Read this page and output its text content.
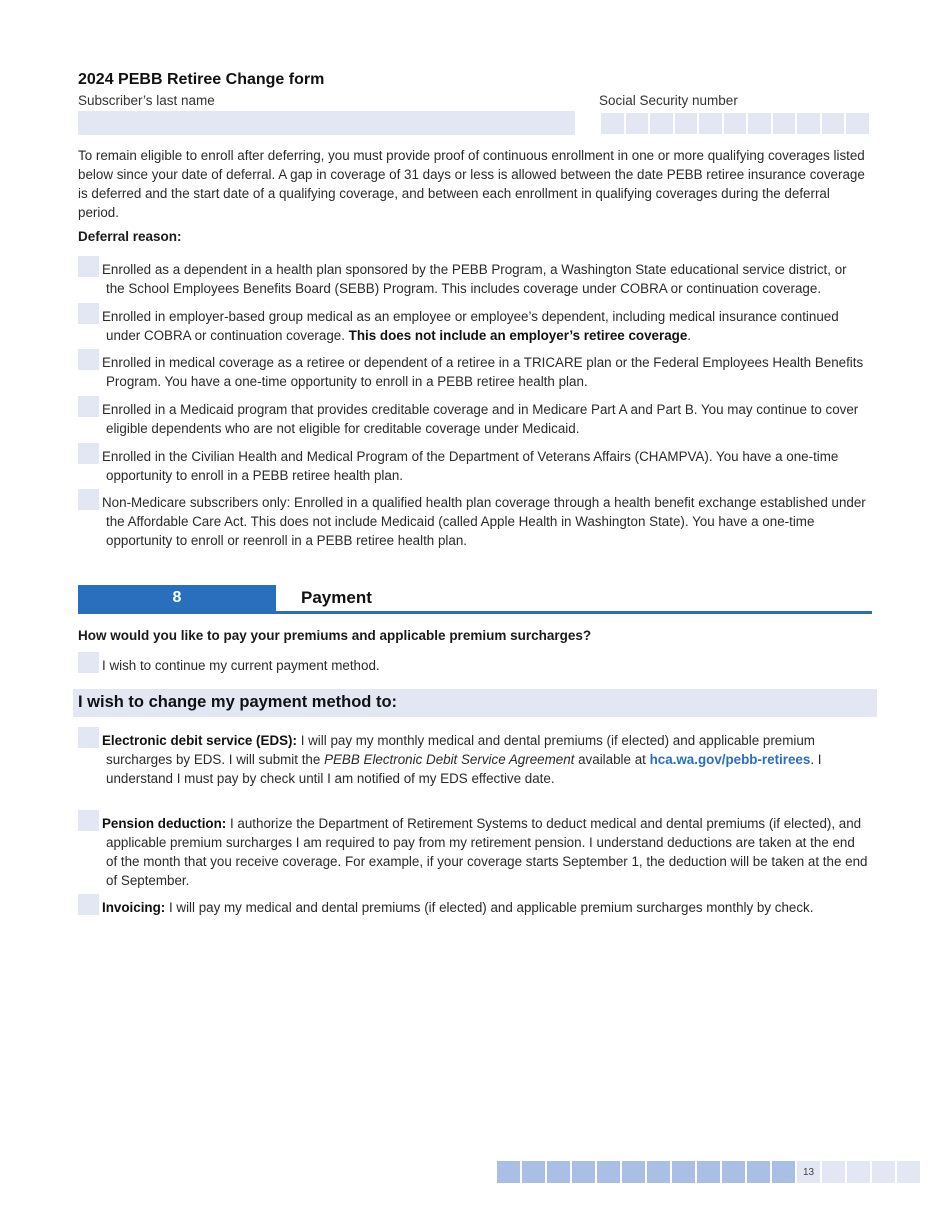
2024 PEBB Retiree Change form
Subscriber’s last name	Social Security number
To remain eligible to enroll after deferring, you must provide proof of continuous enrollment in one or more qualifying coverages listed below since your date of deferral. A gap in coverage of 31 days or less is allowed between the date PEBB retiree insurance coverage is deferred and the start date of a qualifying coverage, and between each enrollment in qualifying coverages during the deferral period.
Deferral reason:
Enrolled as a dependent in a health plan sponsored by the PEBB Program, a Washington State educational service district, or the School Employees Benefits Board (SEBB) Program. This includes coverage under COBRA or continuation coverage.
Enrolled in employer-based group medical as an employee or employee’s dependent, including medical insurance continued under COBRA or continuation coverage. This does not include an employer’s retiree coverage.
Enrolled in medical coverage as a retiree or dependent of a retiree in a TRICARE plan or the Federal Employees Health Benefits Program. You have a one-time opportunity to enroll in a PEBB retiree health plan.
Enrolled in a Medicaid program that provides creditable coverage and in Medicare Part A and Part B. You may continue to cover eligible dependents who are not eligible for creditable coverage under Medicaid.
Enrolled in the Civilian Health and Medical Program of the Department of Veterans Affairs (CHAMPVA). You have a one-time opportunity to enroll in a PEBB retiree health plan.
Non-Medicare subscribers only: Enrolled in a qualified health plan coverage through a health benefit exchange established under the Affordable Care Act. This does not include Medicaid (called Apple Health in Washington State). You have a one-time opportunity to enroll or reenroll in a PEBB retiree health plan.
8	Payment
How would you like to pay your premiums and applicable premium surcharges?
I wish to continue my current payment method.
I wish to change my payment method to:
Electronic debit service (EDS): I will pay my monthly medical and dental premiums (if elected) and applicable premium surcharges by EDS. I will submit the PEBB Electronic Debit Service Agreement available at hca.wa.gov/pebb-retirees. I understand I must pay by check until I am notified of my EDS effective date.
Pension deduction: I authorize the Department of Retirement Systems to deduct medical and dental premiums (if elected), and applicable premium surcharges I am required to pay from my retirement pension. I understand deductions are taken at the end of the month that you receive coverage. For example, if your coverage starts September 1, the deduction will be taken at the end of September.
Invoicing: I will pay my medical and dental premiums (if elected) and applicable premium surcharges monthly by check.
13
